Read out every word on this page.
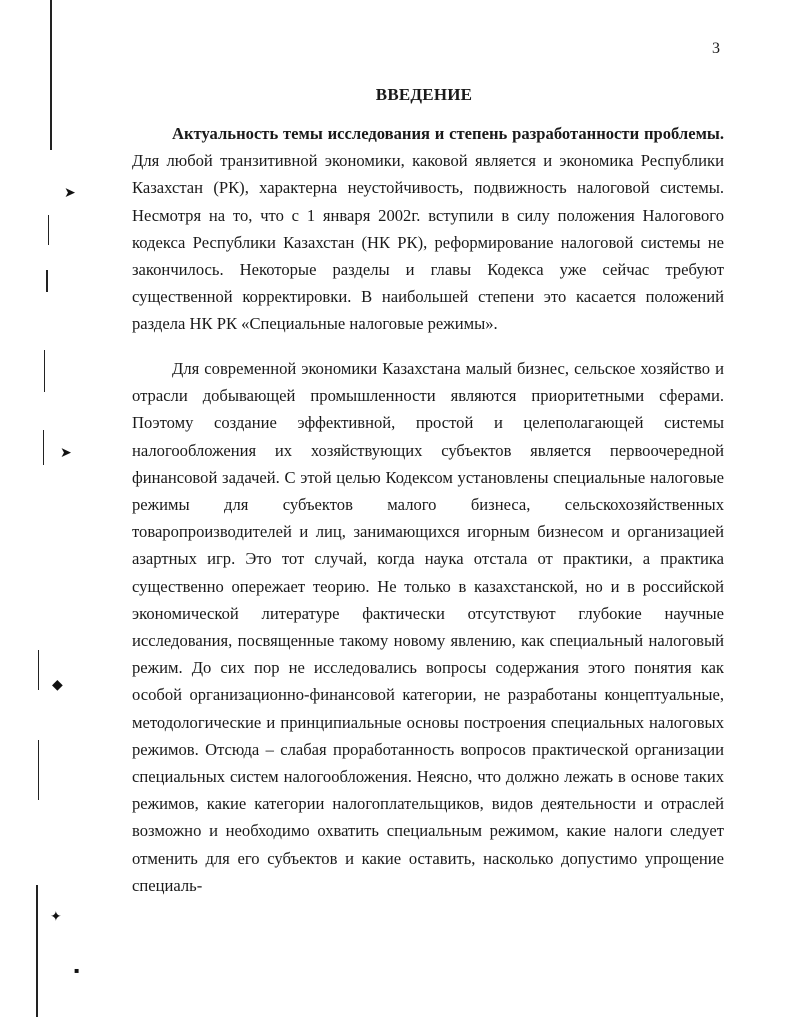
➤
➤
◆
✦
▪
3
ВВЕДЕНИЕ
Актуальность темы исследования и степень разработанности проблемы. Для любой транзитивной экономики, каковой является и экономика Республики Казахстан (РК), характерна неустойчивость, подвижность налоговой системы. Несмотря на то, что с 1 января 2002г. вступили в силу положения Налогового кодекса Республики Казахстан (НК РК), реформирование налоговой системы не закончилось. Некоторые разделы и главы Кодекса уже сейчас требуют существенной корректировки. В наибольшей степени это касается положений раздела НК РК «Специальные налоговые режимы».
Для современной экономики Казахстана малый бизнес, сельское хозяйство и отрасли добывающей промышленности являются приоритетными сферами. Поэтому создание эффективной, простой и целеполагающей системы налогообложения их хозяйствующих субъектов является первоочередной финансовой задачей. С этой целью Кодексом установлены специальные налоговые режимы для субъектов малого бизнеса, сельскохозяйственных товаропроизводителей и лиц, занимающихся игорным бизнесом и организацией азартных игр. Это тот случай, когда наука отстала от практики, а практика существенно опережает теорию. Не только в казахстанской, но и в российской экономической литературе фактически отсутствуют глубокие научные исследования, посвященные такому новому явлению, как специальный налоговый режим. До сих пор не исследовались вопросы содержания этого понятия как особой организационно-финансовой категории, не разработаны концептуальные, методологические и принципиальные основы построения специальных налоговых режимов. Отсюда – слабая проработанность вопросов практической организации специальных систем налогообложения. Неясно, что должно лежать в основе таких режимов, какие категории налогоплательщиков, видов деятельности и отраслей возможно и необходимо охватить специальным режимом, какие налоги следует отменить для его субъектов и какие оставить, насколько допустимо упрощение специаль-
